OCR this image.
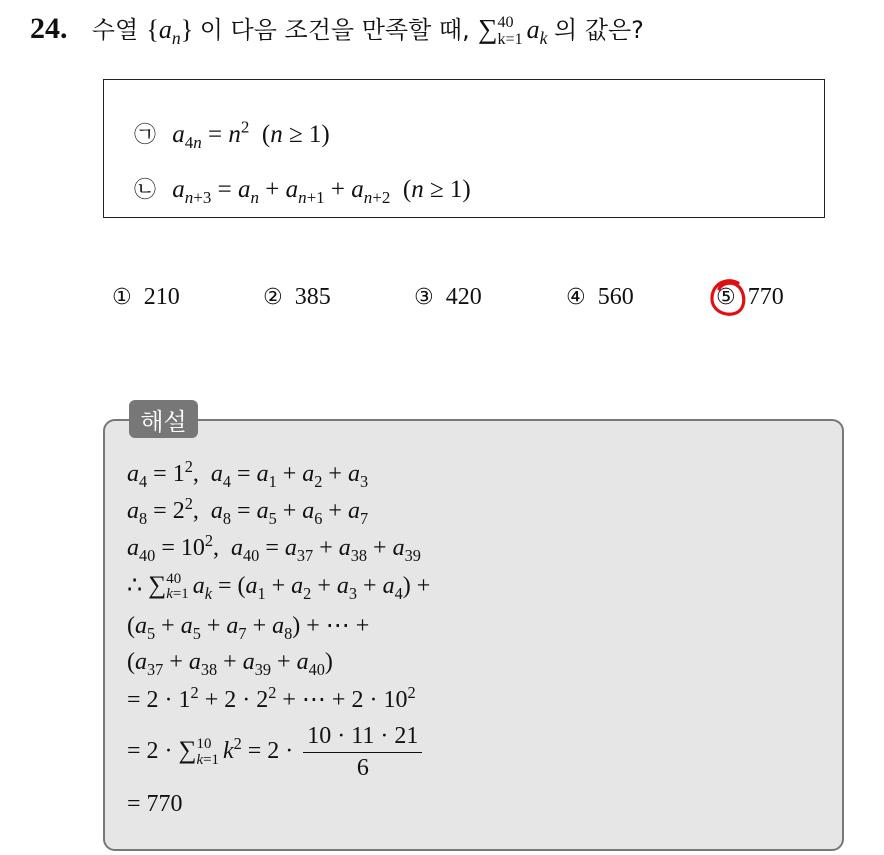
24. 수열 $\{a_n\}$ 이 다음 조건을 만족할 때, ∑ 40
k=1 $a_k$ 의 값은?
㉠ $a_{4n} = n^2$  (n ≥ 1)
㉡ $a_{n+3} = a_n + a_{n+1} + a_{n+2}$  (n ≥ 1)
① 210	② 385	③ 420	④ 560	⑤ 770
해설
$a_4 = 1^2$,  $a_4 = a_1 + a_2 + a_3$
$a_8 = 2^2$,  $a_8 = a_5 + a_6 + a_7$
$a_{40} = 10^2$,  $a_{40} = a_{37} + a_{38} + a_{39}$
∴ ∑ 40
k=1 $a_k = (a_1 + a_2 + a_3 + a_4)$ +
$(a_5 + a_5 + a_7 + a_8)$ + ⋯ +
$(a_{37} + a_{38} + a_{39} + a_{40})$
= $2 \cdot 1^2 + 2 \cdot 2^2$ + ⋯ + $2 \cdot 10^2$
= 2 · ∑ 10
k=1 $k^2 = 2 \cdot \frac{10 \cdot 11 \cdot 21}{6}$
= 770
